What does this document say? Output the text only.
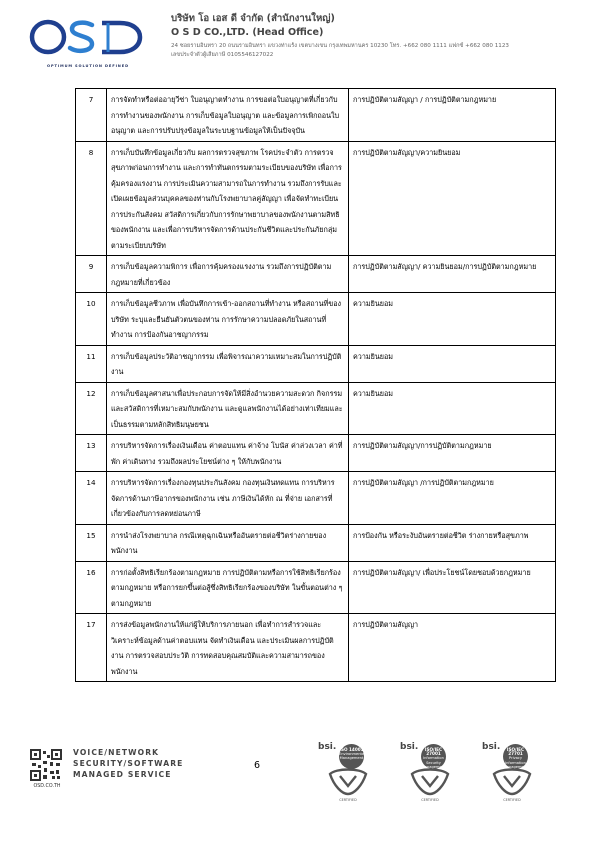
OPTIMUM SOLUTION DEFINED
บริษัท โอ เอส ดี จำกัด (สำนักงานใหญ่)
O S D CO.,LTD. (Head Office)
24 ซอยรามอินทรา 20 ถนนรามอินทรา แขวงท่าแร้ง เขตบางเขน กรุงเทพมหานคร 10230 โทร. +662 080 1111 แฟกซ์ +662 080 1123
เลขประจำตัวผู้เสียภาษี 0105546127022
7	การจัดทำหรือต่ออายุวีซ่า ใบอนุญาตทำงาน การขอต่อใบอนุญาตที่เกี่ยวกับการทำงานของพนักงาน การเก็บข้อมูลใบอนุญาต และข้อมูลการเพิกถอนใบอนุญาต และการปรับปรุงข้อมูลในระบบฐานข้อมูลให้เป็นปัจจุบัน	การปฏิบัติตามสัญญา / การปฏิบัติตามกฎหมาย
8	การเก็บบันทึกข้อมูลเกี่ยวกับ ผลการตรวจสุขภาพ โรคประจำตัว การตรวจสุขภาพก่อนการทำงาน และการทำทันตกรรมตามระเบียบของบริษัท เพื่อการคุ้มครองแรงงาน การประเมินความสามารถในการทำงาน รวมถึงการรับและเปิดเผยข้อมูลส่วนบุคคลของท่านกับโรงพยาบาลคู่สัญญา เพื่อจัดทำทะเบียน การประกันสังคม สวัสดิการเกี่ยวกับการรักษาพยาบาลของพนักงานตามสิทธิของพนักงาน และเพื่อการบริหารจัดการด้านประกันชีวิตและประกันภัยกลุ่ม ตามระเบียบบริษัท	การปฏิบัติตามสัญญา/ความยินยอม
9	การเก็บข้อมูลความพิการ เพื่อการคุ้มครองแรงงาน รวมถึงการปฏิบัติตามกฎหมายที่เกี่ยวข้อง	การปฏิบัติตามสัญญา/ ความยินยอม/การปฏิบัติตามกฎหมาย
10	การเก็บข้อมูลชีวภาพ เพื่อบันทึกการเข้า-ออกสถานที่ทำงาน หรือสถานที่ของบริษัท ระบุและยืนยันตัวตนของท่าน การรักษาความปลอดภัยในสถานที่ทำงาน การป้องกันอาชญากรรม	ความยินยอม
11	การเก็บข้อมูลประวัติอาชญากรรม เพื่อพิจารณาความเหมาะสมในการปฏิบัติงาน	ความยินยอม
12	การเก็บข้อมูลศาสนาเพื่อประกอบการจัดให้มีสิ่งอำนวยความสะดวก กิจกรรม และสวัสดิการที่เหมาะสมกับพนักงาน และดูแลพนักงานได้อย่างเท่าเทียมและเป็นธรรมตามหลักสิทธิมนุษยชน	ความยินยอม
13	การบริหารจัดการเรื่องเงินเดือน ค่าตอบแทน ค่าจ้าง โบนัส ค่าล่วงเวลา ค่าที่พัก ค่าเดินทาง รวมถึงผลประโยชน์ต่าง ๆ ให้กับพนักงาน	การปฏิบัติตามสัญญา/การปฏิบัติตามกฎหมาย
14	การบริหารจัดการเรื่องกองทุนประกันสังคม กองทุนเงินทดแทน การบริหารจัดการด้านภาษีอากรของพนักงาน เช่น ภาษีเงินได้หัก ณ ที่จ่าย เอกสารที่เกี่ยวข้องกับการลดหย่อนภาษี	การปฏิบัติตามสัญญา /การปฏิบัติตามกฎหมาย
15	การนำส่งโรงพยาบาล กรณีเหตุฉุกเฉินหรืออันตรายต่อชีวิตร่างกายของพนักงาน	การป้องกัน หรือระงับอันตรายต่อชีวิต ร่างกายหรือสุขภาพ
16	การก่อตั้งสิทธิเรียกร้องตามกฎหมาย การปฏิบัติตามหรือการใช้สิทธิเรียกร้องตามกฎหมาย หรือการยกขึ้นต่อสู้ซึ่งสิทธิเรียกร้องของบริษัท ในขั้นตอนต่าง ๆ ตามกฎหมาย	การปฏิบัติตามสัญญา/ เพื่อประโยชน์โดยชอบด้วยกฎหมาย
17	การส่งข้อมูลพนักงานให้แก่ผู้ให้บริการภายนอก เพื่อทำการสำรวจและวิเคราะห์ข้อมูลด้านค่าตอบแทน จัดทำเงินเดือน และประเมินผลการปฏิบัติงาน การตรวจสอบประวัติ การทดสอบคุณสมบัติและความสามารถของพนักงาน	การปฏิบัติตามสัญญา
OSD.CO.TH
VOICE/NETWORK
SECURITY/SOFTWARE
MANAGED SERVICE
6
bsi. ISO 14001
Environmental Management
CERTIFIED
bsi.	ISO/IEC 27001
Information Security Management
CERTIFIED
bsi.	ISO/IEC 27701
Privacy Information Management
CERTIFIED
